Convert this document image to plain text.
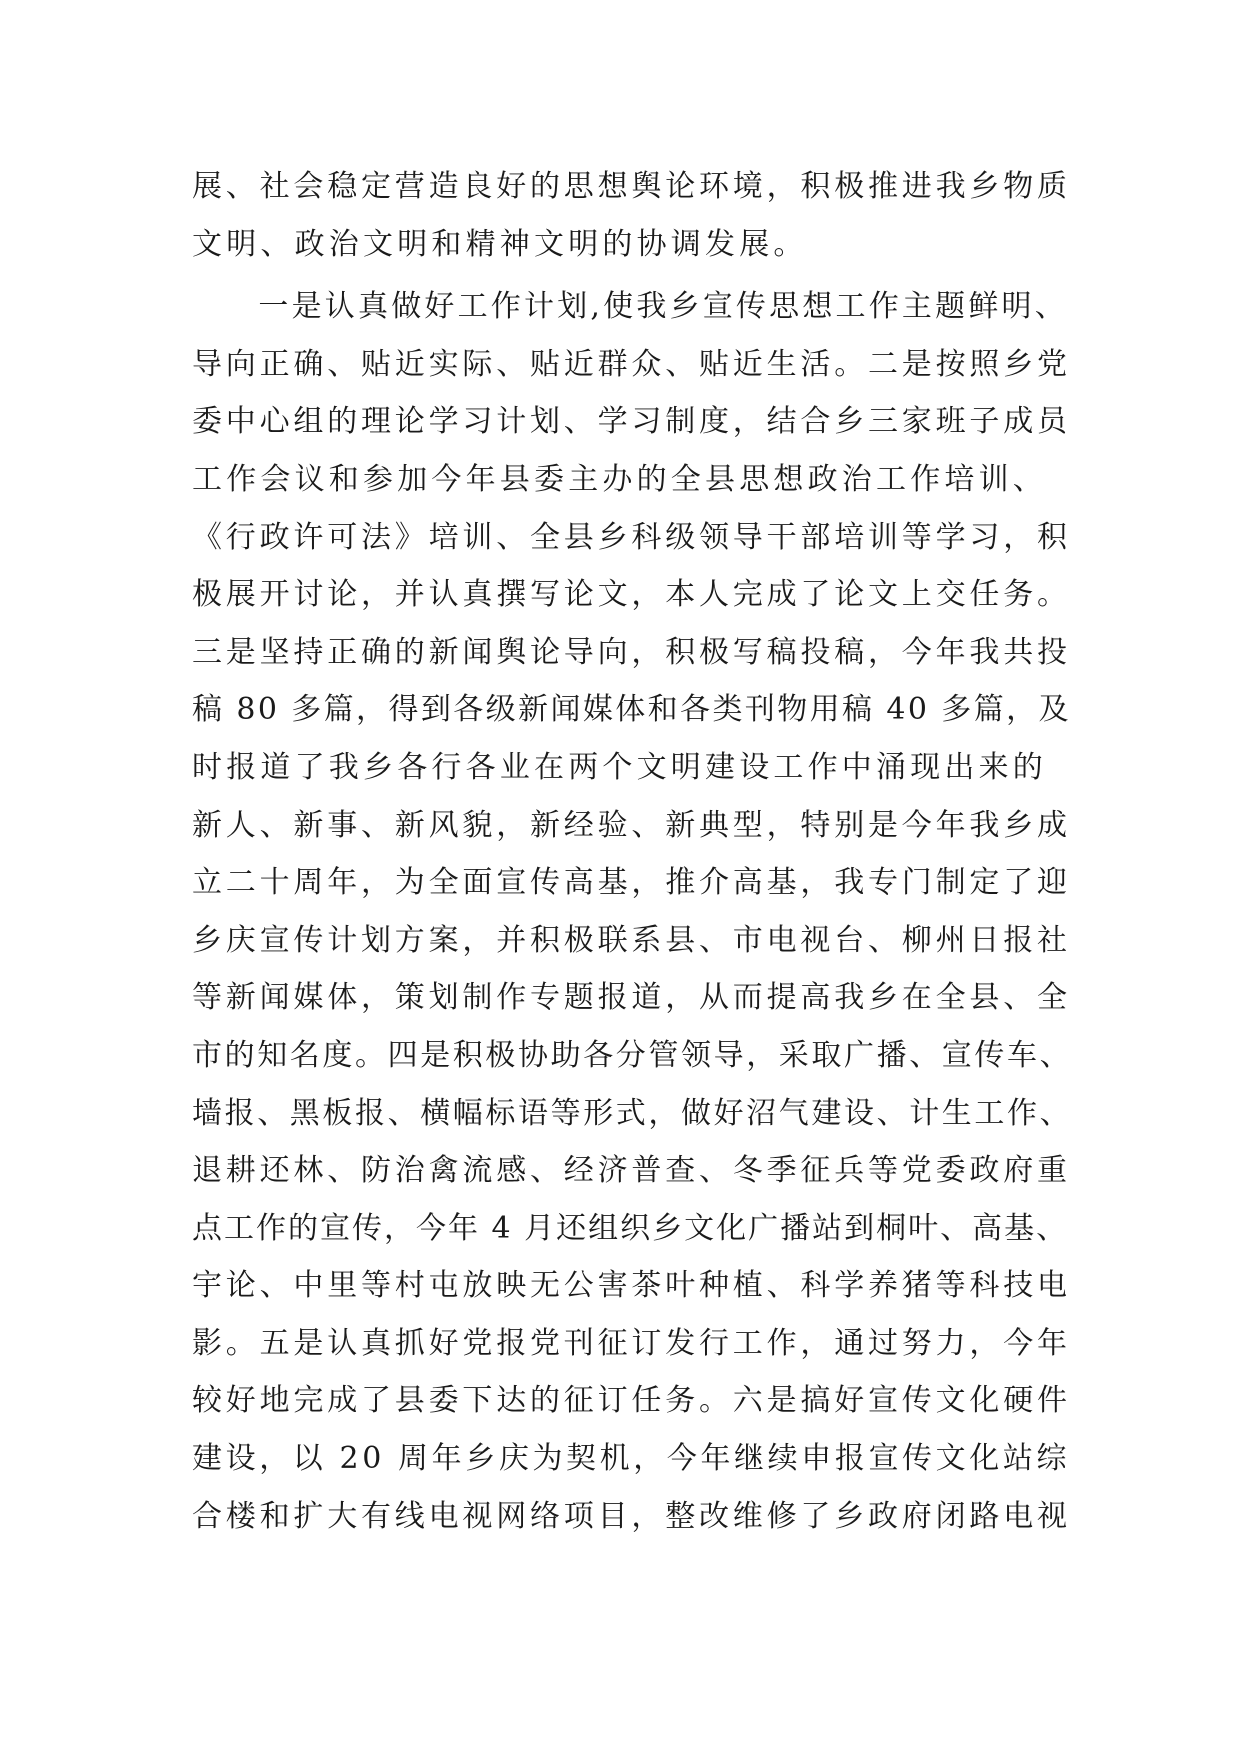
展、社会稳定营造良好的思想舆论环境，积极推进我乡物质
文明、政治文明和精神文明的协调发展。
　　一是认真做好工作计划,使我乡宣传思想工作主题鲜明、
导向正确、贴近实际、贴近群众、贴近生活。二是按照乡党
委中心组的理论学习计划、学习制度，结合乡三家班子成员
工作会议和参加今年县委主办的全县思想政治工作培训、
《行政许可法》培训、全县乡科级领导干部培训等学习，积
极展开讨论，并认真撰写论文，本人完成了论文上交任务。
三是坚持正确的新闻舆论导向，积极写稿投稿，今年我共投
稿 80 多篇，得到各级新闻媒体和各类刊物用稿 40 多篇，及
时报道了我乡各行各业在两个文明建设工作中涌现出来的
新人、新事、新风貌，新经验、新典型，特别是今年我乡成
立二十周年，为全面宣传高基，推介高基，我专门制定了迎
乡庆宣传计划方案，并积极联系县、市电视台、柳州日报社
等新闻媒体，策划制作专题报道，从而提高我乡在全县、全
市的知名度。四是积极协助各分管领导，采取广播、宣传车、
墙报、黑板报、横幅标语等形式，做好沼气建设、计生工作、
退耕还林、防治禽流感、经济普查、冬季征兵等党委政府重
点工作的宣传，今年 4 月还组织乡文化广播站到桐叶、高基、
宇论、中里等村屯放映无公害茶叶种植、科学养猪等科技电
影。五是认真抓好党报党刊征订发行工作，通过努力，今年
较好地完成了县委下达的征订任务。六是搞好宣传文化硬件
建设，以 20 周年乡庆为契机，今年继续申报宣传文化站综
合楼和扩大有线电视网络项目，整改维修了乡政府闭路电视
